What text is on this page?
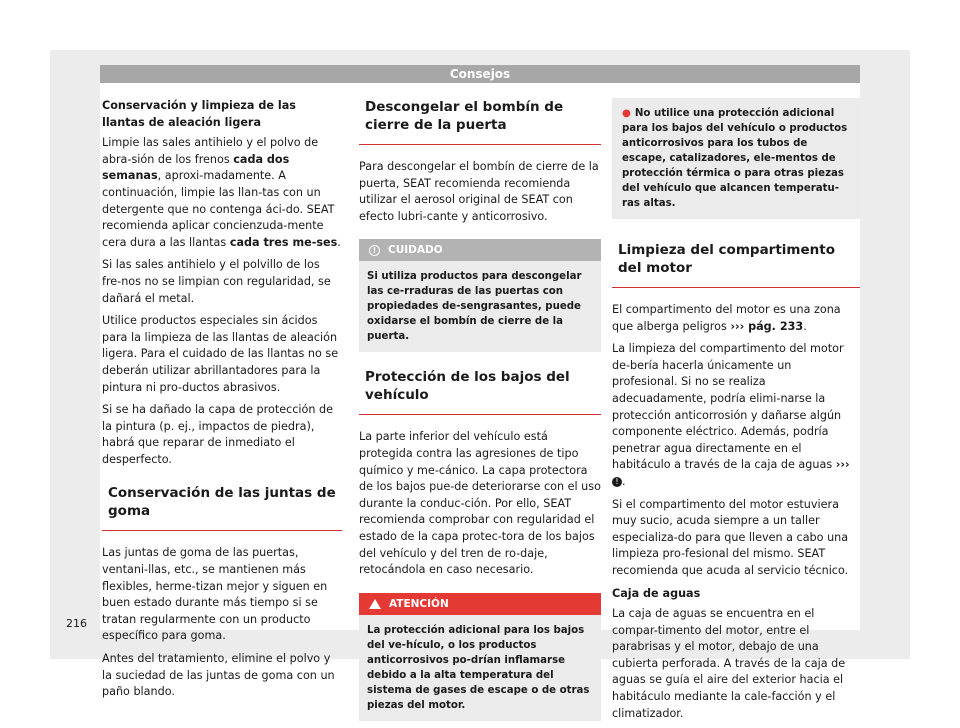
Consejos

Conservación y limpieza de las llantas de aleación ligera

Limpie las sales antihielo y el polvo de abra-sión de los frenos cada dos semanas, aproxi-madamente. A continuación, limpie las llan-tas con un detergente que no contenga áci-do. SEAT recomienda aplicar concienzuda-mente cera dura a las llantas cada tres me-ses.

Si las sales antihielo y el polvillo de los fre-nos no se limpian con regularidad, se dañará el metal.

Utilice productos especiales sin ácidos para la limpieza de las llantas de aleación ligera. Para el cuidado de las llantas no se deberán utilizar abrillantadores para la pintura ni pro-ductos abrasivos.

Si se ha dañado la capa de protección de la pintura (p. ej., impactos de piedra), habrá que reparar de inmediato el desperfecto.

Conservación de las juntas de goma

Las juntas de goma de las puertas, ventani-llas, etc., se mantienen más flexibles, herme-tizan mejor y siguen en buen estado durante más tiempo si se tratan regularmente con un producto específico para goma.

Antes del tratamiento, elimine el polvo y la suciedad de las juntas de goma con un paño blando.

Descongelar el bombín de cierre de la puerta

Para descongelar el bombín de cierre de la puerta, SEAT recomienda recomienda utilizar el aerosol original de SEAT con efecto lubri-cante y anticorrosivo.

! CUIDADO
Si utiliza productos para descongelar las ce-rraduras de las puertas con propiedades de-sengrasantes, puede oxidarse el bombín de cierre de la puerta.
Protección de los bajos del vehículo

La parte inferior del vehículo está protegida contra las agresiones de tipo químico y me-cánico. La capa protectora de los bajos pue-de deteriorarse con el uso durante la conduc-ción. Por ello, SEAT recomienda comprobar con regularidad el estado de la capa protec-tora de los bajos del vehículo y del tren de ro-daje, retocándola en caso necesario.

ATENCIÓN
La protección adicional para los bajos del ve-hículo, o los productos anticorrosivos po-drían inflamarse debido a la alta temperatura del sistema de gases de escape o de otras piezas del motor.
● No utilice una protección adicional para los bajos del vehículo o productos anticorrosivos para los tubos de escape, catalizadores, ele-mentos de protección térmica o para otras piezas del vehículo que alcancen temperatu-ras altas.
Limpieza del compartimento del motor

El compartimento del motor es una zona que alberga peligros ››› pág. 233.

La limpieza del compartimento del motor de-bería hacerla únicamente un profesional. Si no se realiza adecuadamente, podría elimi-narse la protección anticorrosión y dañarse algún componente eléctrico. Además, podría penetrar agua directamente en el habitáculo a través de la caja de aguas ››› ! .

Si el compartimento del motor estuviera muy sucio, acuda siempre a un taller especializa-do para que lleven a cabo una limpieza pro-fesional del mismo. SEAT recomienda que acuda al servicio técnico.

Caja de aguas

La caja de aguas se encuentra en el compar-timento del motor, entre el parabrisas y el motor, debajo de una cubierta perforada. A través de la caja de aguas se guía el aire del exterior hacia el habitáculo mediante la cale-facción y el climatizador.

216
